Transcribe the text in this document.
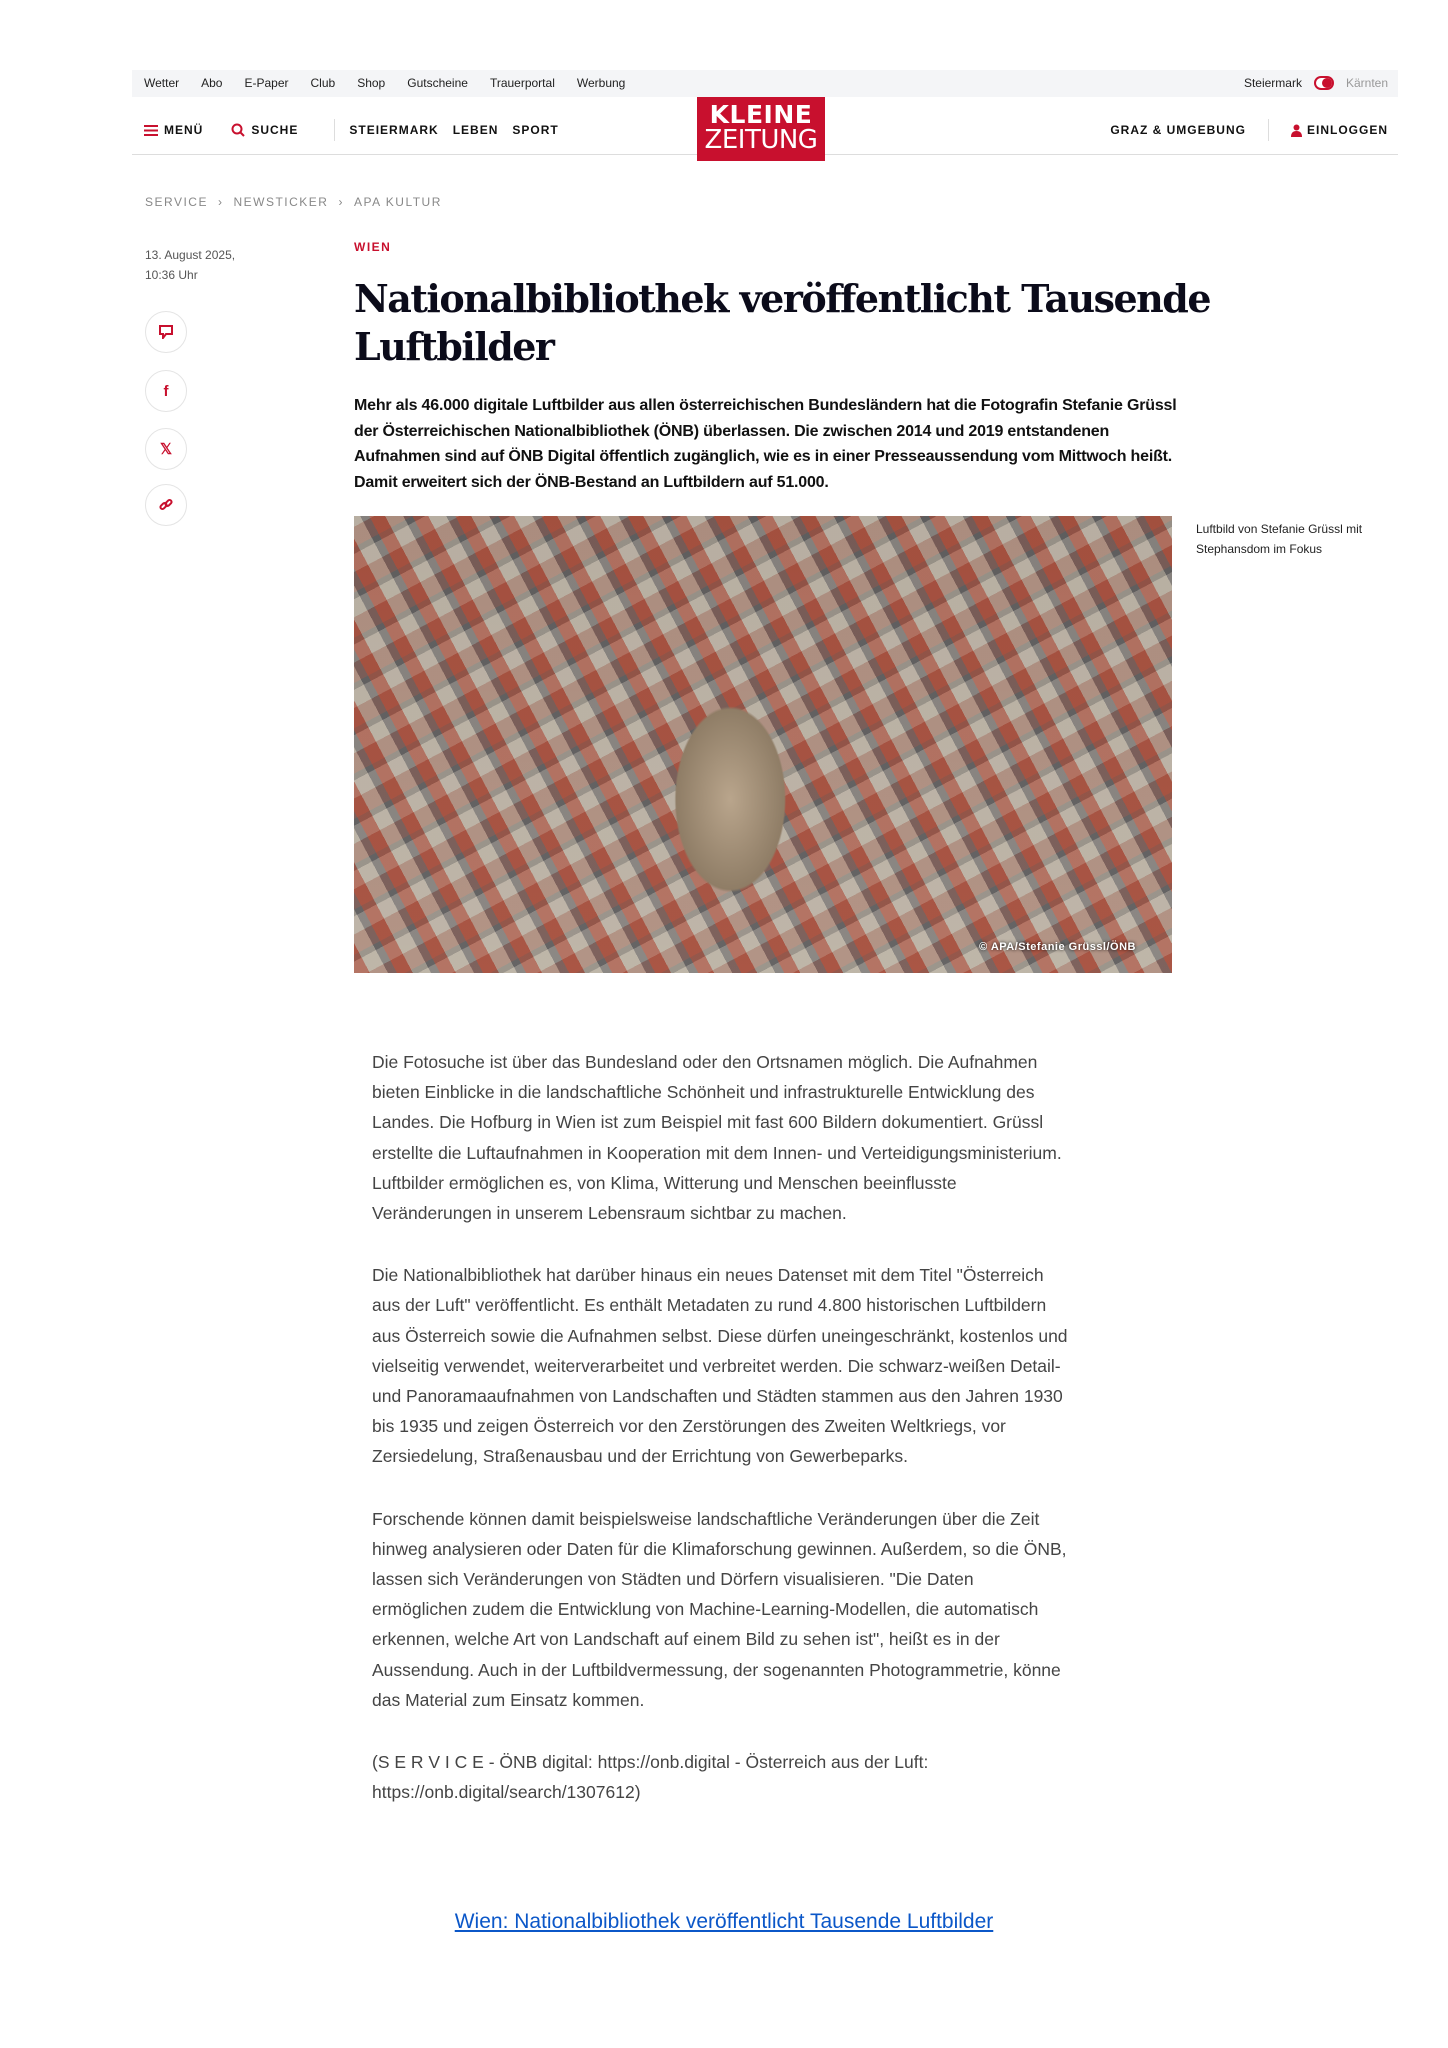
Wetter Abo E-Paper Club Shop Gutscheine Trauerportal Werbung	Steiermark	Kärnten
MENÜ	SUCHE	STEIERMARK LEBEN SPORT	GRAZ & UMGEBUNG	EINLOGGEN
KLEINE
ZEITUNG
SERVICE › NEWSTICKER › APA KULTUR
13. August 2025,
10:36 Uhr
f
𝕏
WIEN
Nationalbibliothek veröffentlicht Tausende Luftbilder

Mehr als 46.000 digitale Luftbilder aus allen österreichischen Bundesländern hat die Fotografin Stefanie Grüssl der Österreichischen Nationalbibliothek (ÖNB) überlassen. Die zwischen 2014 und 2019 entstandenen Aufnahmen sind auf ÖNB Digital öffentlich zugänglich, wie es in einer Presseaussendung vom Mittwoch heißt. Damit erweitert sich der ÖNB-Bestand an Luftbildern auf 51.000.

© APA/Stefanie Grüssl/ÖNB
Luftbild von Stefanie Grüssl mit Stephansdom im Fokus

Die Fotosuche ist über das Bundesland oder den Ortsnamen möglich. Die Aufnahmen bieten Einblicke in die landschaftliche Schönheit und infrastrukturelle Entwicklung des Landes. Die Hofburg in Wien ist zum Beispiel mit fast 600 Bildern dokumentiert. Grüssl erstellte die Luftaufnahmen in Kooperation mit dem Innen- und Verteidigungsministerium. Luftbilder ermöglichen es, von Klima, Witterung und Menschen beeinflusste Veränderungen in unserem Lebensraum sichtbar zu machen.

Die Nationalbibliothek hat darüber hinaus ein neues Datenset mit dem Titel "Österreich aus der Luft" veröffentlicht. Es enthält Metadaten zu rund 4.800 historischen Luftbildern aus Österreich sowie die Aufnahmen selbst. Diese dürfen uneingeschränkt, kostenlos und vielseitig verwendet, weiterverarbeitet und verbreitet werden. Die schwarz-weißen Detail- und Panoramaaufnahmen von Landschaften und Städten stammen aus den Jahren 1930 bis 1935 und zeigen Österreich vor den Zerstörungen des Zweiten Weltkriegs, vor Zersiedelung, Straßenausbau und der Errichtung von Gewerbeparks.

Forschende können damit beispielsweise landschaftliche Veränderungen über die Zeit hinweg analysieren oder Daten für die Klimaforschung gewinnen. Außerdem, so die ÖNB, lassen sich Veränderungen von Städten und Dörfern visualisieren. "Die Daten ermöglichen zudem die Entwicklung von Machine-Learning-Modellen, die automatisch erkennen, welche Art von Landschaft auf einem Bild zu sehen ist", heißt es in der Aussendung. Auch in der Luftbildvermessung, der sogenannten Photogrammetrie, könne das Material zum Einsatz kommen.

(S E R V I C E - ÖNB digital: https://onb.digital - Österreich aus der Luft: https://onb.digital/search/1307612)

Wien: Nationalbibliothek veröffentlicht Tausende Luftbilder
